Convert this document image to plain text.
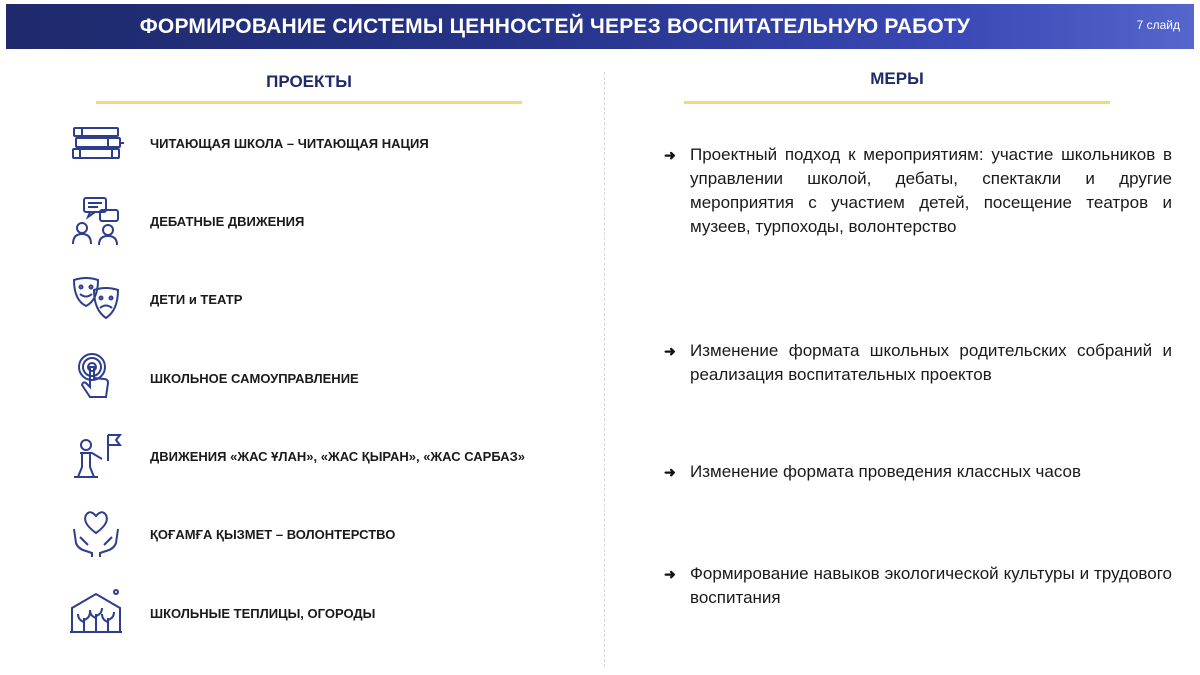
ФОРМИРОВАНИЕ СИСТЕМЫ ЦЕННОСТЕЙ ЧЕРЕЗ ВОСПИТАТЕЛЬНУЮ РАБОТУ	7 слайд
ПРОЕКТЫ	МЕРЫ
ЧИТАЮЩАЯ ШКОЛА – ЧИТАЮЩАЯ НАЦИЯ
ДЕБАТНЫЕ ДВИЖЕНИЯ
ДЕТИ и ТЕАТР
ШКОЛЬНОЕ САМОУПРАВЛЕНИЕ
ДВИЖЕНИЯ «ЖАС ҰЛАН», «ЖАС ҚЫРАН», «ЖАС САРБАЗ»
ҚОҒАМҒА ҚЫЗМЕТ – ВОЛОНТЕРСТВО
ШКОЛЬНЫЕ ТЕПЛИЦЫ, ОГОРОДЫ
➜ Проектный подход к мероприятиям: участие школьников в управлении школой, дебаты, спектакли и другие мероприятия с участием детей, посещение театров и музеев, турпоходы, волонтерство
➜ Изменение формата школьных родительских собраний и реализация воспитательных проектов
➜ Изменение формата проведения классных часов
➜ Формирование навыков экологической культуры и трудового воспитания
